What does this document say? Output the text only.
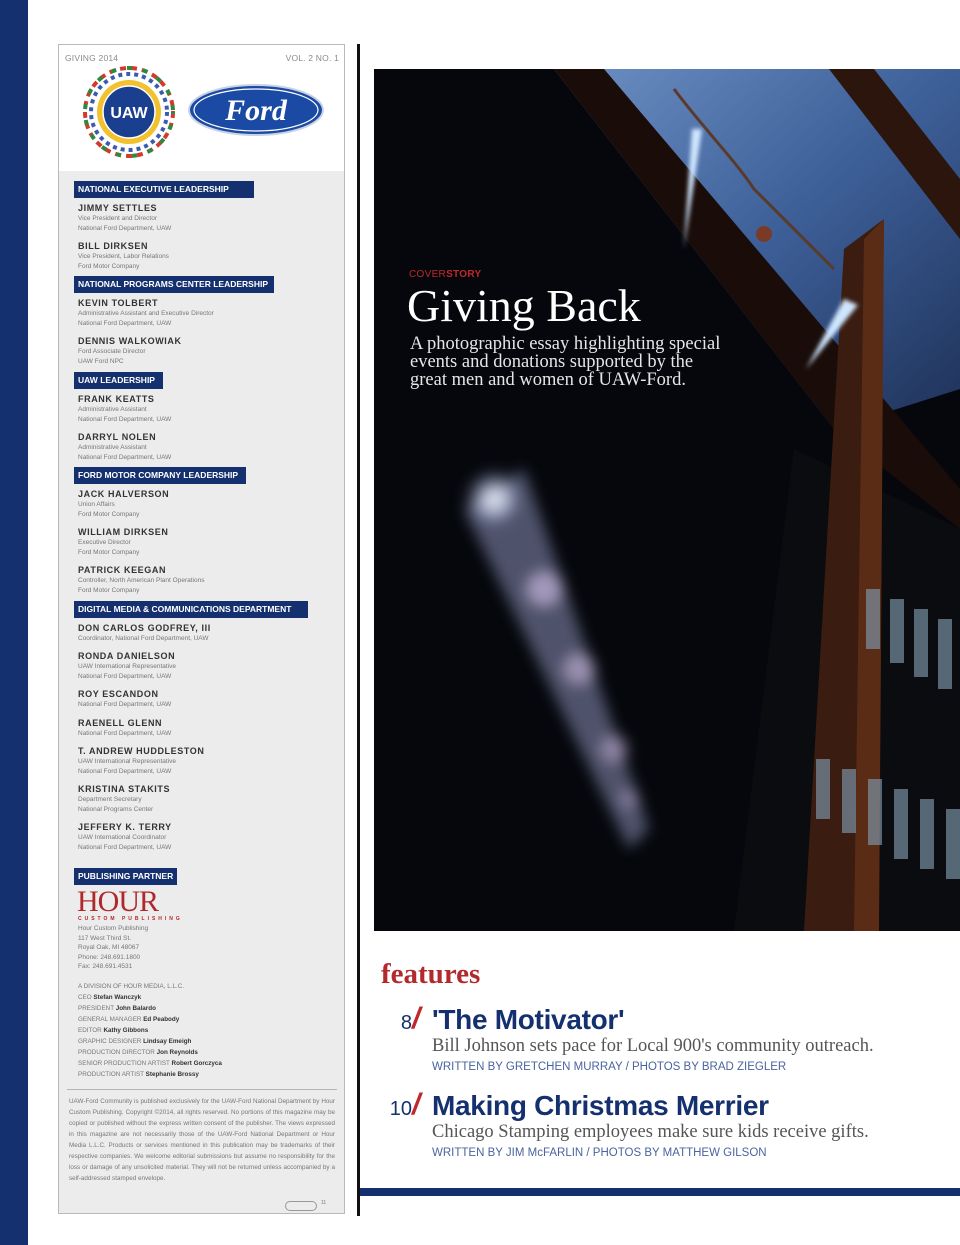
GIVING 2014	VOL. 2 NO. 1
UAW	Ford
NATIONAL EXECUTIVE LEADERSHIP
JIMMY SETTLES
Vice President and Director
National Ford Department, UAW
BILL DIRKSEN
Vice President, Labor Relations
Ford Motor Company
NATIONAL PROGRAMS CENTER LEADERSHIP
KEVIN TOLBERT
Administrative Assistant and Executive Director
National Ford Department, UAW
DENNIS WALKOWIAK
Ford Associate Director
UAW Ford NPC
UAW LEADERSHIP
FRANK KEATTS
Administrative Assistant
National Ford Department, UAW
DARRYL NOLEN
Administrative Assistant
National Ford Department, UAW
FORD MOTOR COMPANY LEADERSHIP
JACK HALVERSON
Union Affairs
Ford Motor Company
WILLIAM DIRKSEN
Executive Director
Ford Motor Company
PATRICK KEEGAN
Controller, North American Plant Operations
Ford Motor Company
DIGITAL MEDIA & COMMUNICATIONS DEPARTMENT
DON CARLOS GODFREY, III
Coordinator, National Ford Department, UAW
RONDA DANIELSON
UAW International Representative
National Ford Department, UAW
ROY ESCANDON
National Ford Department, UAW
RAENELL GLENN
National Ford Department, UAW
T. ANDREW HUDDLESTON
UAW International Representative
National Ford Department, UAW
KRISTINA STAKITS
Department Secretary
National Programs Center
JEFFERY K. TERRY
UAW International Coordinator
National Ford Department, UAW
PUBLISHING PARTNER
HOUR
CUSTOM PUBLISHING
Hour Custom Publishing
117 West Third St.
Royal Oak, MI 48067
Phone: 248.691.1800
Fax: 248.691.4531
A DIVISION OF HOUR MEDIA, L.L.C.
CEO Stefan Wanczyk
PRESIDENT John Balardo
GENERAL MANAGER Ed Peabody
EDITOR Kathy Gibbons
GRAPHIC DESIGNER Lindsay Emeigh
PRODUCTION DIRECTOR Jon Reynolds
SENIOR PRODUCTION ARTIST Robert Gorczyca
PRODUCTION ARTIST Stephanie Brossy
UAW-Ford Community is published exclusively for the UAW-Ford National Department by Hour Custom Publishing. Copyright ©2014, all rights reserved. No portions of this magazine may be copied or published without the express written consent of the publisher. The views expressed in this magazine are not necessarily those of the UAW-Ford National Department or Hour Media L.L.C. Products or services mentioned in this publication may be trademarks of their respective companies. We welcome editorial submissions but assume no responsibility for the loss or damage of any unsolicited material. They will not be returned unless accompanied by a self-addressed stamped envelope.
11
COVERSTORY
Giving Back
A photographic essay highlighting special events and donations supported by the great men and women of UAW-Ford.
features
8 / 'The Motivator'
Bill Johnson sets pace for Local 900's community outreach.
WRITTEN BY GRETCHEN MURRAY / PHOTOS BY BRAD ZIEGLER
10 / Making Christmas Merrier
Chicago Stamping employees make sure kids receive gifts.
WRITTEN BY JIM McFARLIN / PHOTOS BY MATTHEW GILSON
